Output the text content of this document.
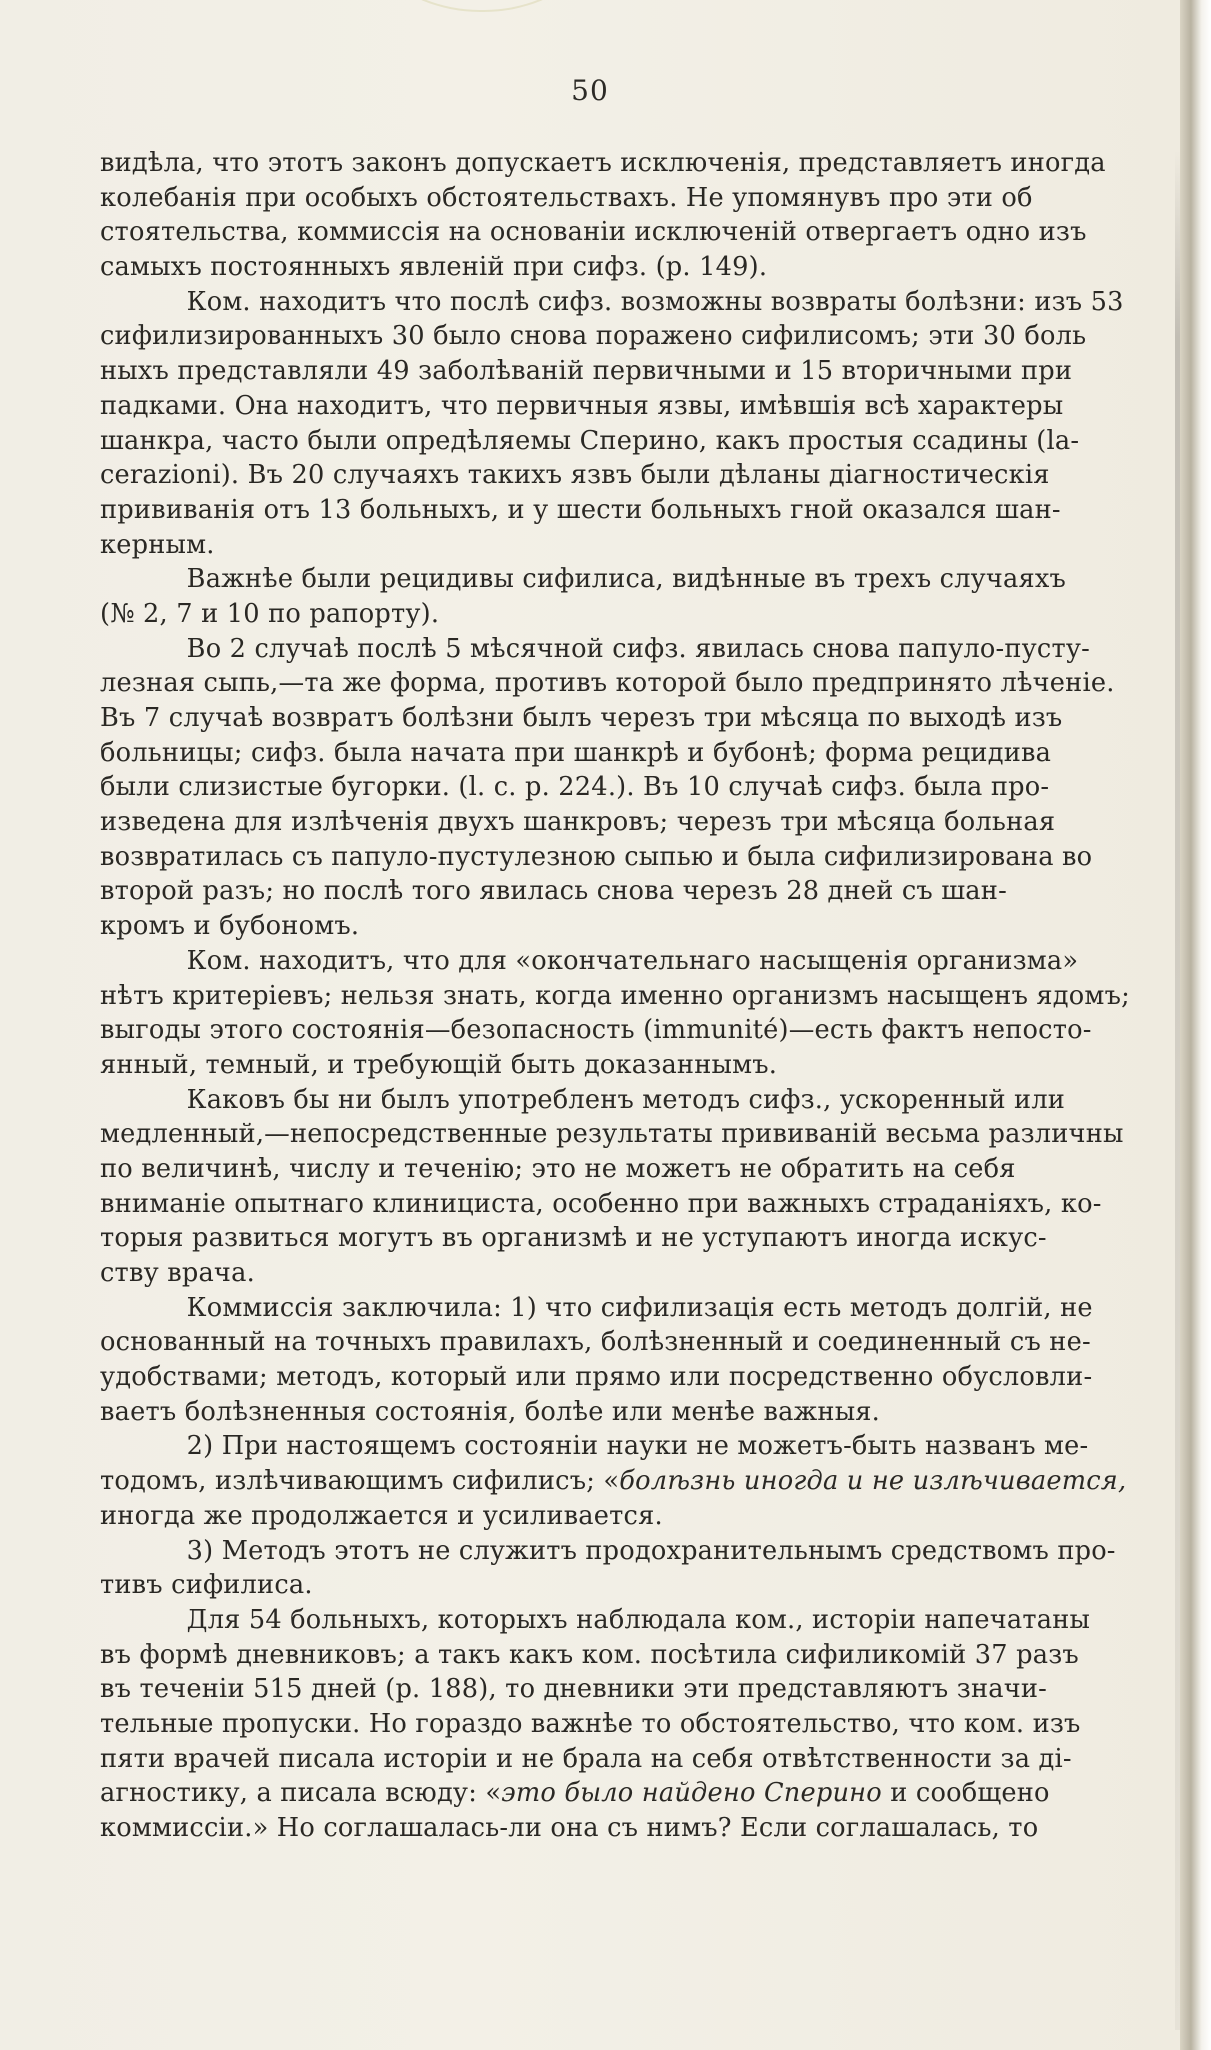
50
видѣла, что этотъ законъ допускаетъ исключенія, представляетъ иногда
колебанія при особыхъ обстоятельствахъ. Не упомянувъ про эти об
стоятельства, коммиссія на основаніи исключеній отвергаетъ одно изъ
самыхъ постоянныхъ явленій при сифз. (p. 149).
Ком. находитъ что послѣ сифз. возможны возвраты болѣзни: изъ 53
сифилизированныхъ 30 было снова поражено сифилисомъ; эти 30 боль
ныхъ представляли 49 заболѣваній первичными и 15 вторичными при
падками. Она находитъ, что первичныя язвы, имѣвшія всѣ характеры
шанкра, часто были опредѣляемы Сперино, какъ простыя ссадины (la-
cerazioni). Въ 20 случаяхъ такихъ язвъ были дѣланы діагностическія
прививанія отъ 13 больныхъ, и у шести больныхъ гной оказался шан-
керным.
Важнѣе были рецидивы сифилиса, видѣнные въ трехъ случаяхъ
(№ 2, 7 и 10 по рапорту).
Во 2 случаѣ послѣ 5 мѣсячной сифз. явилась снова папуло-пусту-
лезная сыпь,—та же форма, противъ которой было предпринято лѣченіе.
Въ 7 случаѣ возвратъ болѣзни былъ черезъ три мѣсяца по выходѣ изъ
больницы; сифз. была начата при шанкрѣ и бубонѣ; форма рецидива
были слизистые бугорки. (l. c. p. 224.). Въ 10 случаѣ сифз. была про-
изведена для излѣченія двухъ шанкровъ; черезъ три мѣсяца больная
возвратилась съ папуло-пустулезною сыпью и была сифилизирована во
второй разъ; но послѣ того явилась снова черезъ 28 дней съ шан-
кромъ и бубономъ.
Ком. находитъ, что для «окончательнаго насыщенія организма»
нѣтъ критеріевъ; нельзя знать, когда именно организмъ насыщенъ ядомъ;
выгоды этого состоянія—безопасность (immunité)—есть фактъ непосто-
янный, темный, и требующій быть доказаннымъ.
Каковъ бы ни былъ употребленъ методъ сифз., ускоренный или
медленный,—непосредственные результаты прививаній весьма различны
по величинѣ, числу и теченію; это не можетъ не обратить на себя
вниманіе опытнаго клинициста, особенно при важныхъ страданіяхъ, ко-
торыя развиться могутъ въ организмѣ и не уступаютъ иногда искус-
ству врача.
Коммиссія заключила: 1) что сифилизація есть методъ долгій, не
основанный на точныхъ правилахъ, болѣзненный и соединенный съ не-
удобствами; методъ, который или прямо или посредственно обусловли-
ваетъ болѣзненныя состоянія, болѣе или менѣе важныя.
2) При настоящемъ состояніи науки не можетъ-быть названъ ме-
тодомъ, излѣчивающимъ сифилисъ; «болѣзнь иногда и не излѣчивается,
иногда же продолжается и усиливается.
3) Методъ этотъ не служитъ продохранительнымъ средствомъ про-
тивъ сифилиса.
Для 54 больныхъ, которыхъ наблюдала ком., исторіи напечатаны
въ формѣ дневниковъ; а такъ какъ ком. посѣтила сифиликомій 37 разъ
въ теченіи 515 дней (p. 188), то дневники эти представляютъ значи-
тельные пропуски. Но гораздо важнѣе то обстоятельство, что ком. изъ
пяти врачей писала исторіи и не брала на себя отвѣтственности за ді-
агностику, а писала всюду: «это было найдено Сперино и сообщено
коммиссіи.» Но соглашалась-ли она съ нимъ? Если соглашалась, то
